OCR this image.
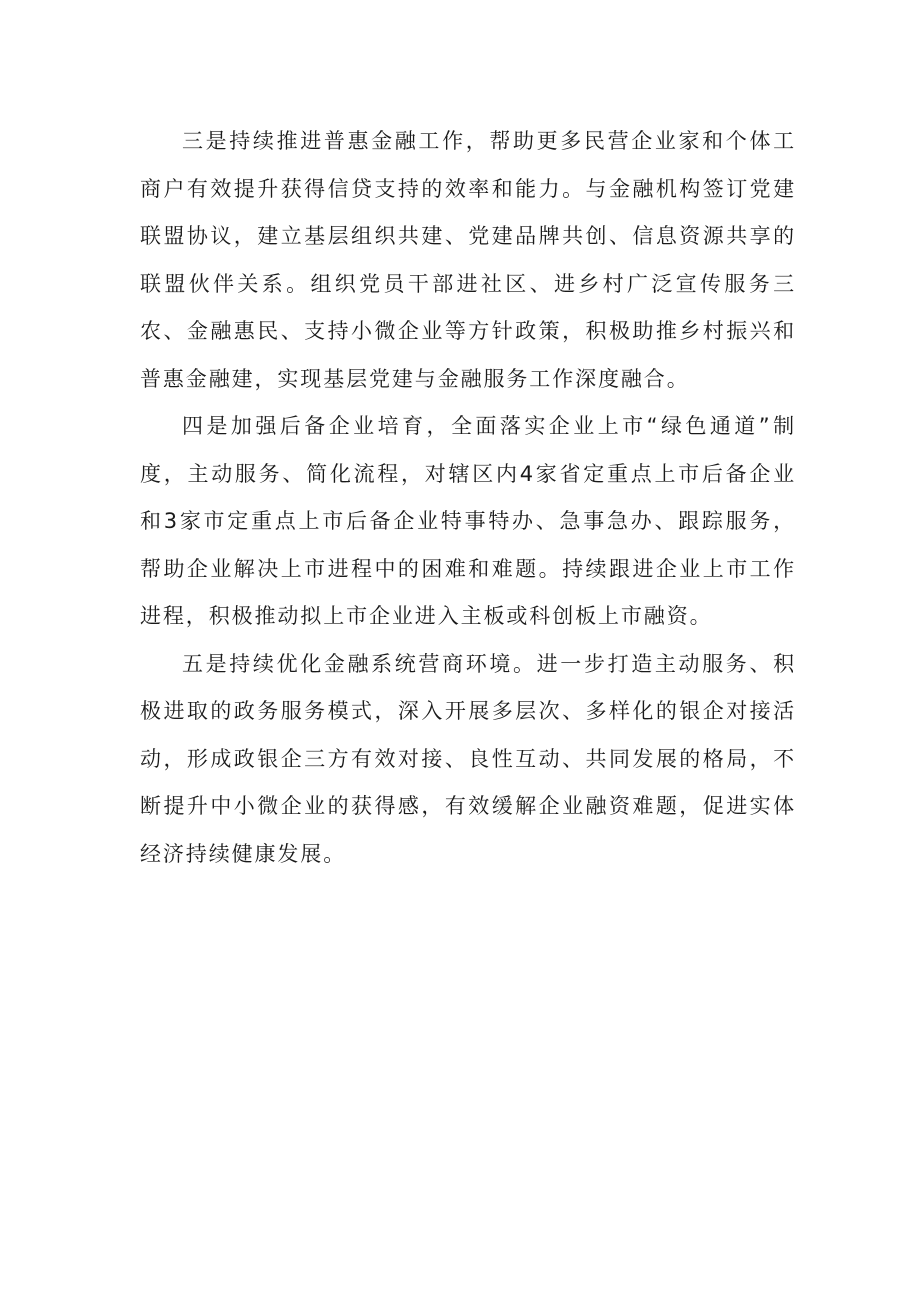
三是持续推进普惠金融工作，帮助更多民营企业家和个体工商户有效提升获得信贷支持的效率和能力。与金融机构签订党建联盟协议，建立基层组织共建、党建品牌共创、信息资源共享的联盟伙伴关系。组织党员干部进社区、进乡村广泛宣传服务三农、金融惠民、支持小微企业等方针政策，积极助推乡村振兴和普惠金融建，实现基层党建与金融服务工作深度融合。

四是加强后备企业培育，全面落实企业上市“绿色通道”制度，主动服务、简化流程，对辖区内4家省定重点上市后备企业和3家市定重点上市后备企业特事特办、急事急办、跟踪服务，帮助企业解决上市进程中的困难和难题。持续跟进企业上市工作进程，积极推动拟上市企业进入主板或科创板上市融资。

五是持续优化金融系统营商环境。进一步打造主动服务、积极进取的政务服务模式，深入开展多层次、多样化的银企对接活动，形成政银企三方有效对接、良性互动、共同发展的格局，不断提升中小微企业的获得感，有效缓解企业融资难题，促进实体经济持续健康发展。
